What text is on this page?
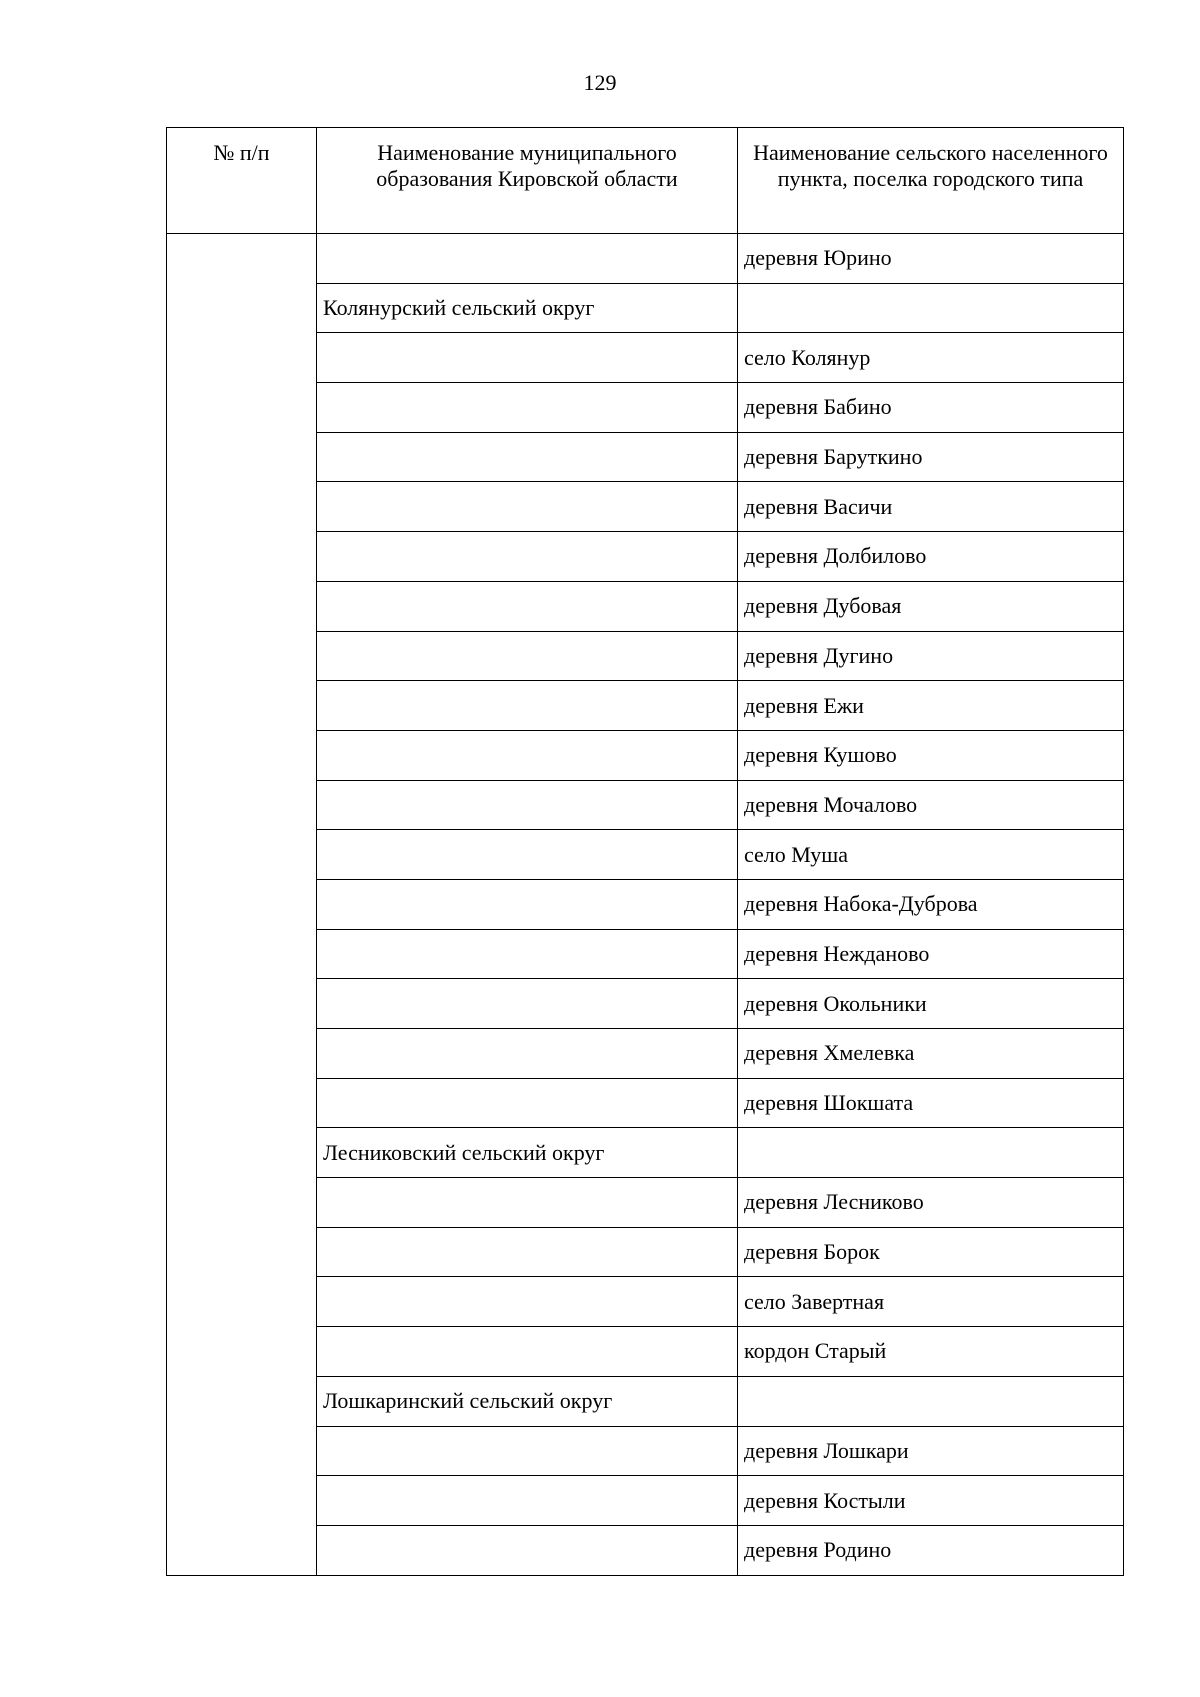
129
№ п/п	Наименование муниципального образования Кировской области	Наименование сельского населенного пункта, поселка городского типа
		деревня Юрино
	Колянурский сельский округ	
		село Колянур
		деревня Бабино
		деревня Баруткино
		деревня Васичи
		деревня Долбилово
		деревня Дубовая
		деревня Дугино
		деревня Ежи
		деревня Кушово
		деревня Мочалово
		село Муша
		деревня Набока-Дуброва
		деревня Нежданово
		деревня Окольники
		деревня Хмелевка
		деревня Шокшата
	Лесниковский сельский округ	
		деревня Лесниково
		деревня Борок
		село Завертная
		кордон Старый
	Лошкаринский сельский округ	
		деревня Лошкари
		деревня Костыли
		деревня Родино
